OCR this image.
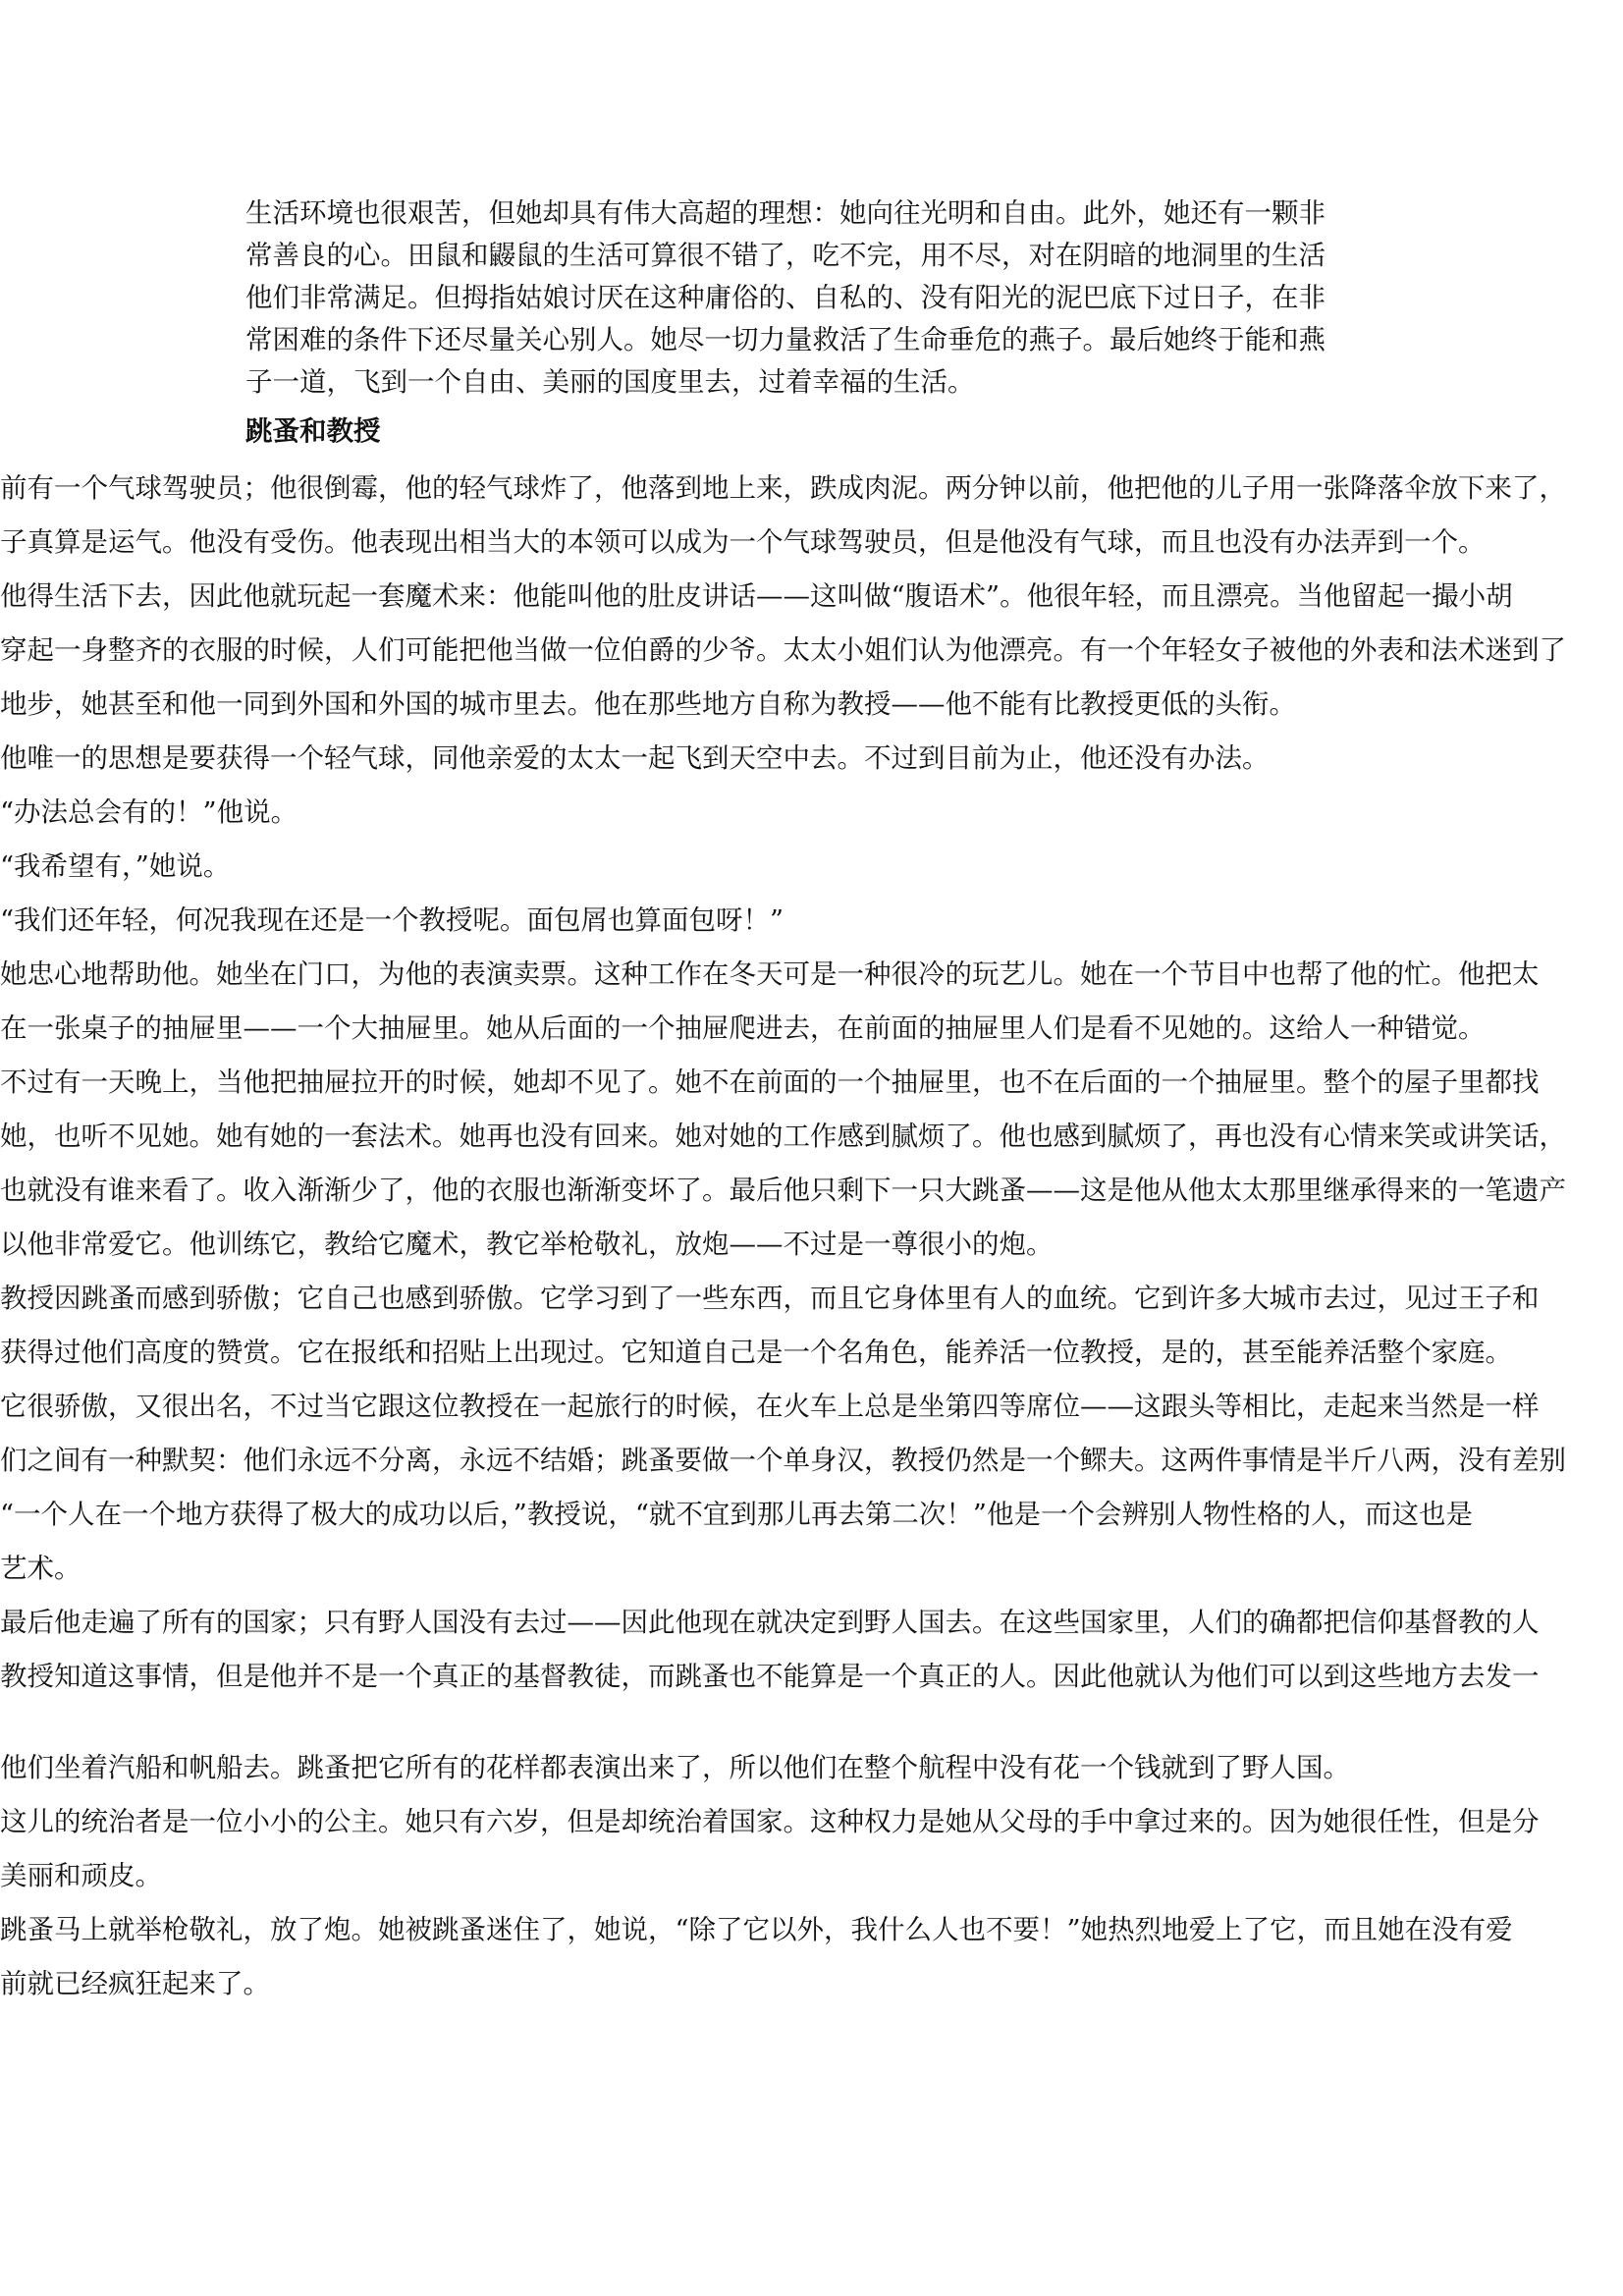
生活环境也很艰苦，但她却具有伟大高超的理想：她向往光明和自由。此外，她还有一颗非
常善良的心。田鼠和鼹鼠的生活可算很不错了，吃不完，用不尽，对在阴暗的地洞里的生活
他们非常满足。但拇指姑娘讨厌在这种庸俗的、自私的、没有阳光的泥巴底下过日子，在非
常困难的条件下还尽量关心别人。她尽一切力量救活了生命垂危的燕子。最后她终于能和燕
子一道，飞到一个自由、美丽的国度里去，过着幸福的生活。
跳蚤和教授
前有一个气球驾驶员；他很倒霉，他的轻气球炸了，他落到地上来，跌成肉泥。两分钟以前，他把他的儿子用一张降落伞放下来了，
子真算是运气。他没有受伤。他表现出相当大的本领可以成为一个气球驾驶员，但是他没有气球，而且也没有办法弄到一个。
他得生活下去，因此他就玩起一套魔术来：他能叫他的肚皮讲话——这叫做“腹语术”。他很年轻，而且漂亮。当他留起一撮小胡
穿起一身整齐的衣服的时候，人们可能把他当做一位伯爵的少爷。太太小姐们认为他漂亮。有一个年轻女子被他的外表和法术迷到了
地步，她甚至和他一同到外国和外国的城市里去。他在那些地方自称为教授——他不能有比教授更低的头衔。
他唯一的思想是要获得一个轻气球，同他亲爱的太太一起飞到天空中去。不过到目前为止，他还没有办法。
“办法总会有的！”他说。
“我希望有，”她说。
“我们还年轻，何况我现在还是一个教授呢。面包屑也算面包呀！”
她忠心地帮助他。她坐在门口，为他的表演卖票。这种工作在冬天可是一种很冷的玩艺儿。她在一个节目中也帮了他的忙。他把太
在一张桌子的抽屉里——一个大抽屉里。她从后面的一个抽屉爬进去，在前面的抽屉里人们是看不见她的。这给人一种错觉。
不过有一天晚上，当他把抽屉拉开的时候，她却不见了。她不在前面的一个抽屉里，也不在后面的一个抽屉里。整个的屋子里都找
她，也听不见她。她有她的一套法术。她再也没有回来。她对她的工作感到腻烦了。他也感到腻烦了，再也没有心情来笑或讲笑话，
也就没有谁来看了。收入渐渐少了，他的衣服也渐渐变坏了。最后他只剩下一只大跳蚤——这是他从他太太那里继承得来的一笔遗产
以他非常爱它。他训练它，教给它魔术，教它举枪敬礼，放炮——不过是一尊很小的炮。
教授因跳蚤而感到骄傲；它自己也感到骄傲。它学习到了一些东西，而且它身体里有人的血统。它到许多大城市去过，见过王子和
获得过他们高度的赞赏。它在报纸和招贴上出现过。它知道自己是一个名角色，能养活一位教授，是的，甚至能养活整个家庭。
它很骄傲，又很出名，不过当它跟这位教授在一起旅行的时候，在火车上总是坐第四等席位——这跟头等相比，走起来当然是一样
们之间有一种默契：他们永远不分离，永远不结婚；跳蚤要做一个单身汉，教授仍然是一个鳏夫。这两件事情是半斤八两，没有差别
“一个人在一个地方获得了极大的成功以后，”教授说，“就不宜到那儿再去第二次！”他是一个会辨别人物性格的人，而这也是
艺术。
最后他走遍了所有的国家；只有野人国没有去过——因此他现在就决定到野人国去。在这些国家里，人们的确都把信仰基督教的人
教授知道这事情，但是他并不是一个真正的基督教徒，而跳蚤也不能算是一个真正的人。因此他就认为他们可以到这些地方去发一
他们坐着汽船和帆船去。跳蚤把它所有的花样都表演出来了，所以他们在整个航程中没有花一个钱就到了野人国。
这儿的统治者是一位小小的公主。她只有六岁，但是却统治着国家。这种权力是她从父母的手中拿过来的。因为她很任性，但是分
美丽和顽皮。
跳蚤马上就举枪敬礼，放了炮。她被跳蚤迷住了，她说，“除了它以外，我什么人也不要！”她热烈地爱上了它，而且她在没有爱
前就已经疯狂起来了。
